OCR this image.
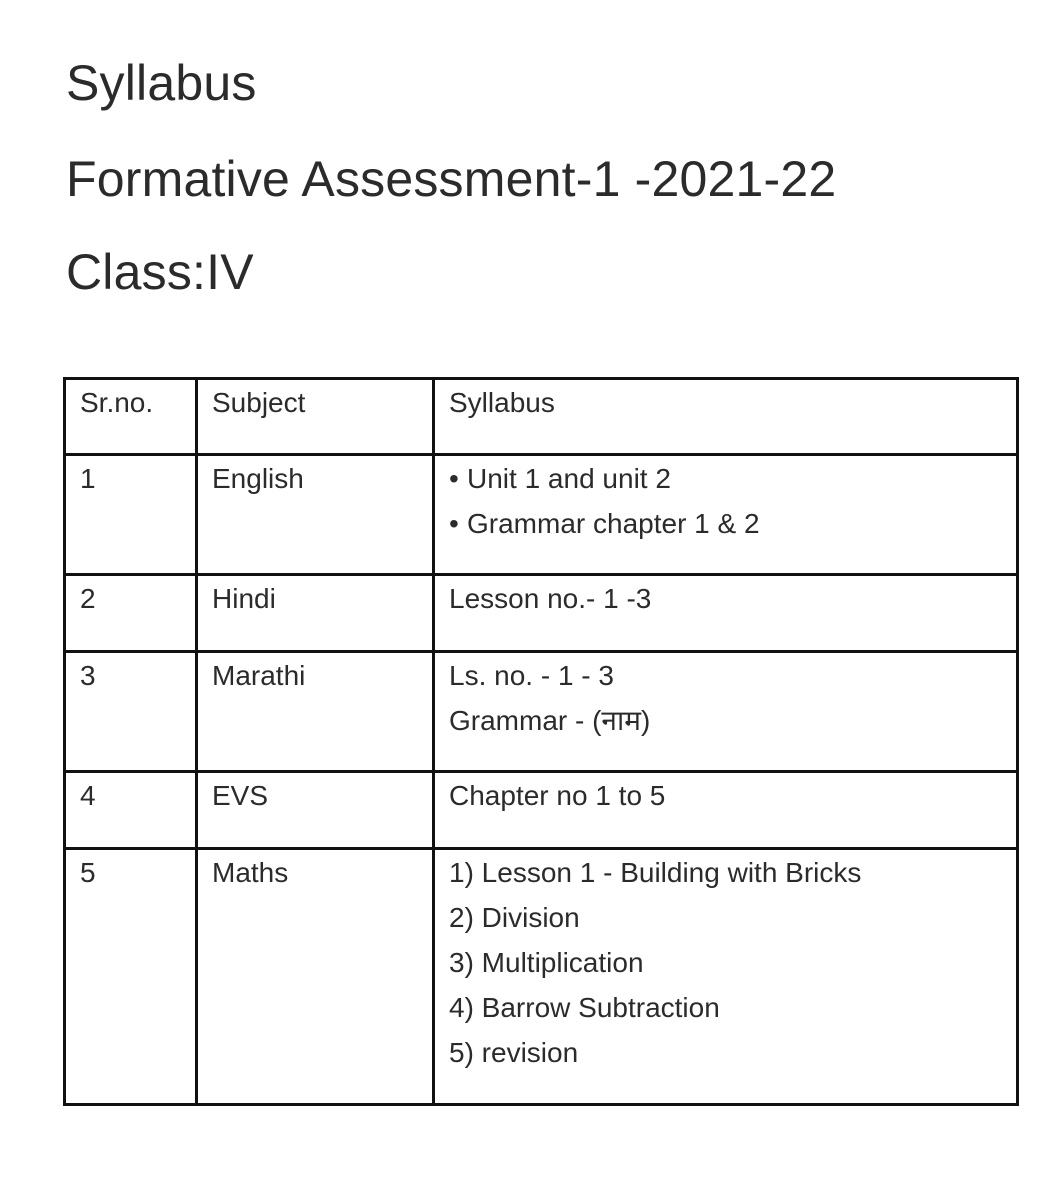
Syllabus
Formative Assessment-1 -2021-22
Class:IV
Sr.no.	Subject	Syllabus
1	English	• Unit 1 and unit 2
• Grammar chapter 1 & 2

2	Hindi	Lesson no.- 1 -3

3	Marathi	Ls. no. - 1 - 3
Grammar - (नाम)

4	EVS	Chapter no 1 to 5

5	Maths	1) Lesson 1 - Building with Bricks
2) Division
3) Multiplication
4) Barrow Subtraction
5) revision
